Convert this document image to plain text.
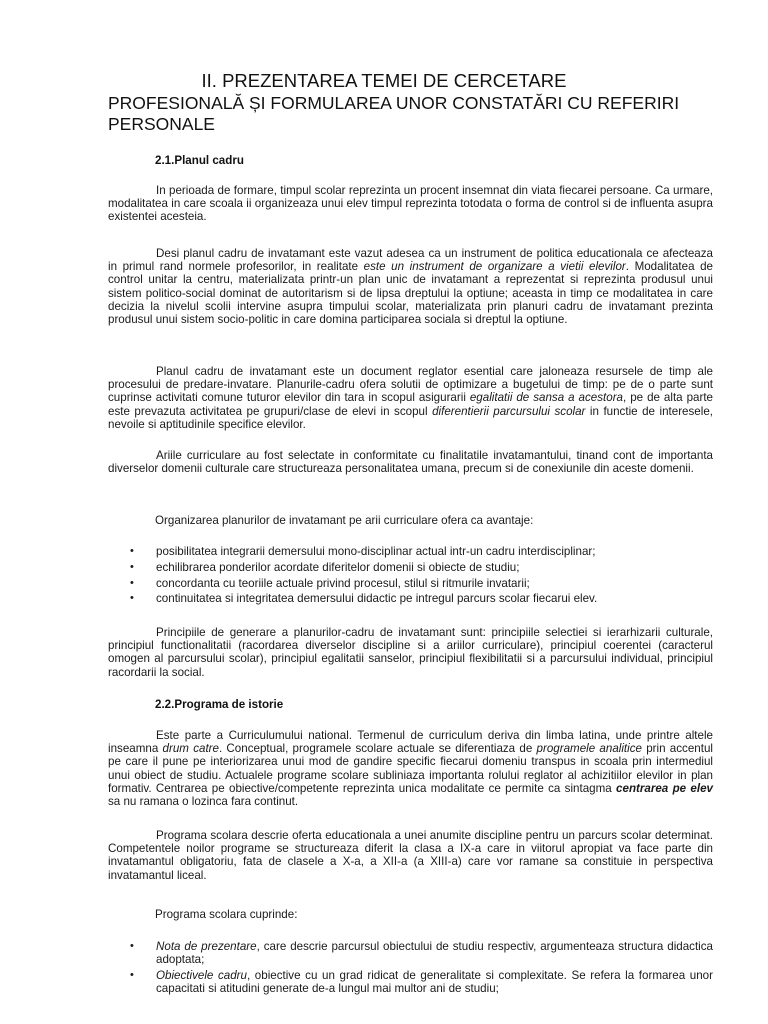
II. PREZENTAREA TEMEI DE CERCETARE
PROFESIONALĂ ȘI FORMULAREA UNOR CONSTATĂRI CU REFERIRI PERSONALE
2.1.Planul cadru
In perioada de formare, timpul scolar reprezinta un procent insemnat din viata fiecarei persoane. Ca urmare, modalitatea in care scoala ii organizeaza unui elev timpul reprezinta totodata o forma de control si de influenta asupra existentei acesteia.
Desi planul cadru de invatamant este vazut adesea ca un instrument de politica educationala ce afecteaza in primul rand normele profesorilor, in realitate este un instrument de organizare a vietii elevilor. Modalitatea de control unitar la centru, materializata printr-un plan unic de invatamant a reprezentat si reprezinta produsul unui sistem politico-social dominat de autoritarism si de lipsa dreptului la optiune; aceasta in timp ce modalitatea in care decizia la nivelul scolii intervine asupra timpului scolar, materializata prin planuri cadru de invatamant prezinta produsul unui sistem socio-politic in care domina participarea sociala si dreptul la optiune.
Planul cadru de invatamant este un document reglator esential care jaloneaza resursele de timp ale procesului de predare-invatare. Planurile-cadru ofera solutii de optimizare a bugetului de timp: pe de o parte sunt cuprinse activitati comune tuturor elevilor din tara in scopul asigurarii egalitatii de sansa a acestora, pe de alta parte este prevazuta activitatea pe grupuri/clase de elevi in scopul diferentierii parcursului scolar in functie de interesele, nevoile si aptitudinile specifice elevilor.
Ariile curriculare au fost selectate in conformitate cu finalitatile invatamantului, tinand cont de importanta diverselor domenii culturale care structureaza personalitatea umana, precum si de conexiunile din aceste domenii.
Organizarea planurilor de invatamant pe arii curriculare ofera ca avantaje:
• posibilitatea integrarii demersului mono-disciplinar actual intr-un cadru interdisciplinar;
• echilibrarea ponderilor acordate diferitelor domenii si obiecte de studiu;
• concordanta cu teoriile actuale privind procesul, stilul si ritmurile invatarii;
• continuitatea si integritatea demersului didactic pe intregul parcurs scolar fiecarui elev.
Principiile de generare a planurilor-cadru de invatamant sunt: principiile selectiei si ierarhizarii culturale, principiul functionalitatii (racordarea diverselor discipline si a ariilor curriculare), principiul coerentei (caracterul omogen al parcursului scolar), principiul egalitatii sanselor, principiul flexibilitatii si a parcursului individual, principiul racordarii la social.
2.2.Programa de istorie
Este parte a Curriculumului national. Termenul de curriculum deriva din limba latina, unde printre altele inseamna drum catre. Conceptual, programele scolare actuale se diferentiaza de programele analitice prin accentul pe care il pune pe interiorizarea unui mod de gandire specific fiecarui domeniu transpus in scoala prin intermediul unui obiect de studiu. Actualele programe scolare subliniaza importanta rolului reglator al achizitiilor elevilor in plan formativ. Centrarea pe obiective/competente reprezinta unica modalitate ce permite ca sintagma centrarea pe elev sa nu ramana o lozinca fara continut.
Programa scolara descrie oferta educationala a unei anumite discipline pentru un parcurs scolar determinat. Competentele noilor programe se structureaza diferit la clasa a IX-a care in viitorul apropiat va face parte din invatamantul obligatoriu, fata de clasele a X-a, a XII-a (a XIII-a) care vor ramane sa constituie in perspectiva invatamantul liceal.
Programa scolara cuprinde:
• Nota de prezentare, care descrie parcursul obiectului de studiu respectiv, argumenteaza structura didactica adoptata;
• Obiectivele cadru, obiective cu un grad ridicat de generalitate si complexitate. Se refera la formarea unor capacitati si atitudini generate de-a lungul mai multor ani de studiu;
